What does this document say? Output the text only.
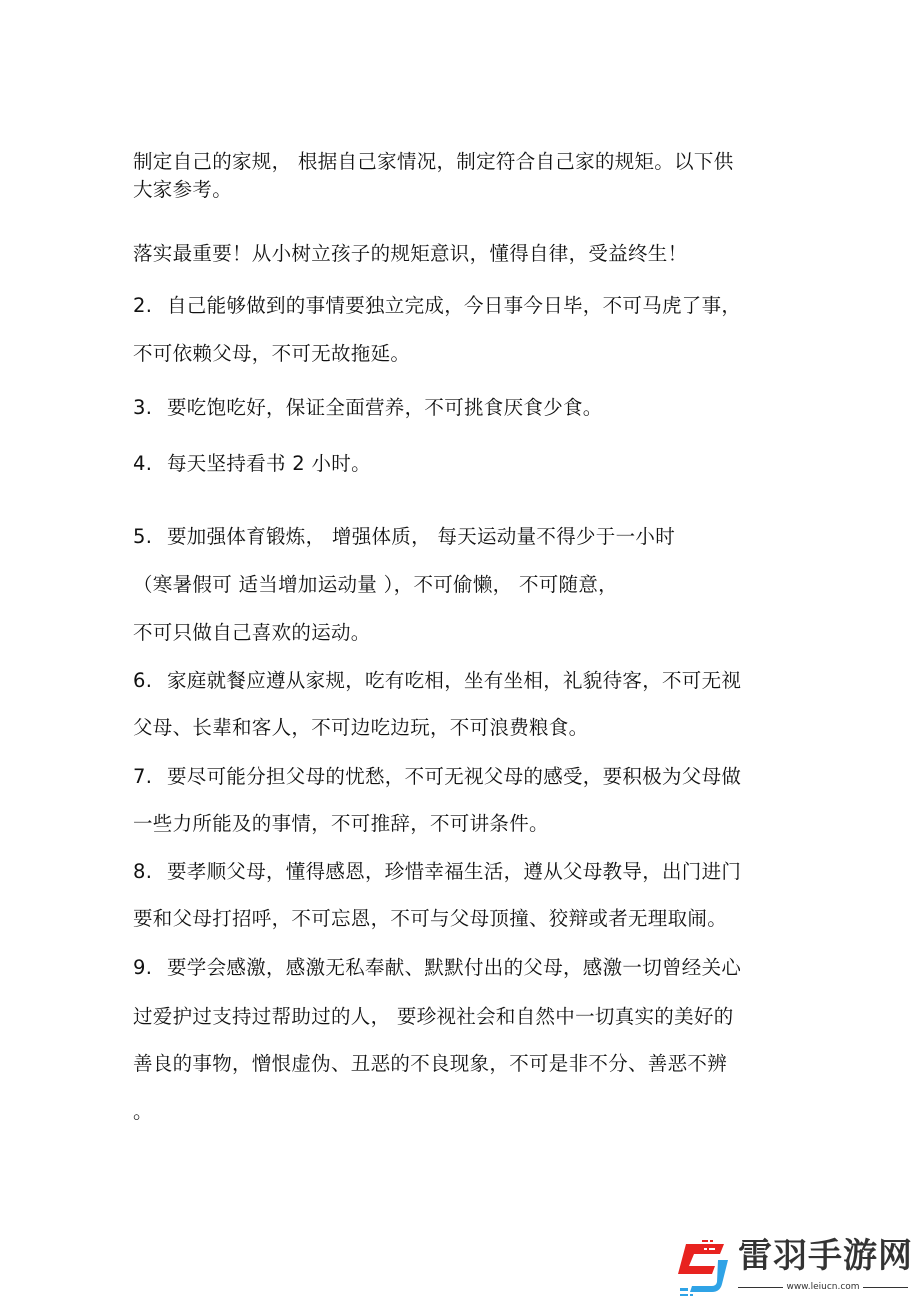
制定自己的家规， 根据自己家情况，制定符合自己家的规矩。以下供
大家参考。
落实最重要！从小树立孩子的规矩意识，懂得自律，受益终生！
2. 自己能够做到的事情要独立完成，今日事今日毕，不可马虎了事，
不可依赖父母，不可无故拖延。
3. 要吃饱吃好，保证全面营养，不可挑食厌食少食。
4. 每天坚持看书 2 小时。
5. 要加强体育锻炼， 增强体质， 每天运动量不得少于一小时
（寒暑假可 适当增加运动量 ），不可偷懒， 不可随意，
不可只做自己喜欢的运动。
6. 家庭就餐应遵从家规，吃有吃相，坐有坐相，礼貌待客，不可无视
父母、长辈和客人，不可边吃边玩，不可浪费粮食。
7. 要尽可能分担父母的忧愁，不可无视父母的感受，要积极为父母做
一些力所能及的事情，不可推辞，不可讲条件。
8. 要孝顺父母，懂得感恩，珍惜幸福生活，遵从父母教导，出门进门
要和父母打招呼，不可忘恩，不可与父母顶撞、狡辩或者无理取闹。
9. 要学会感激，感激无私奉献、默默付出的父母，感激一切曾经关心
过爱护过支持过帮助过的人， 要珍视社会和自然中一切真实的美好的
善良的事物，憎恨虚伪、丑恶的不良现象，不可是非不分、善恶不辨
。
雷羽手游网
www.leiucn.com
